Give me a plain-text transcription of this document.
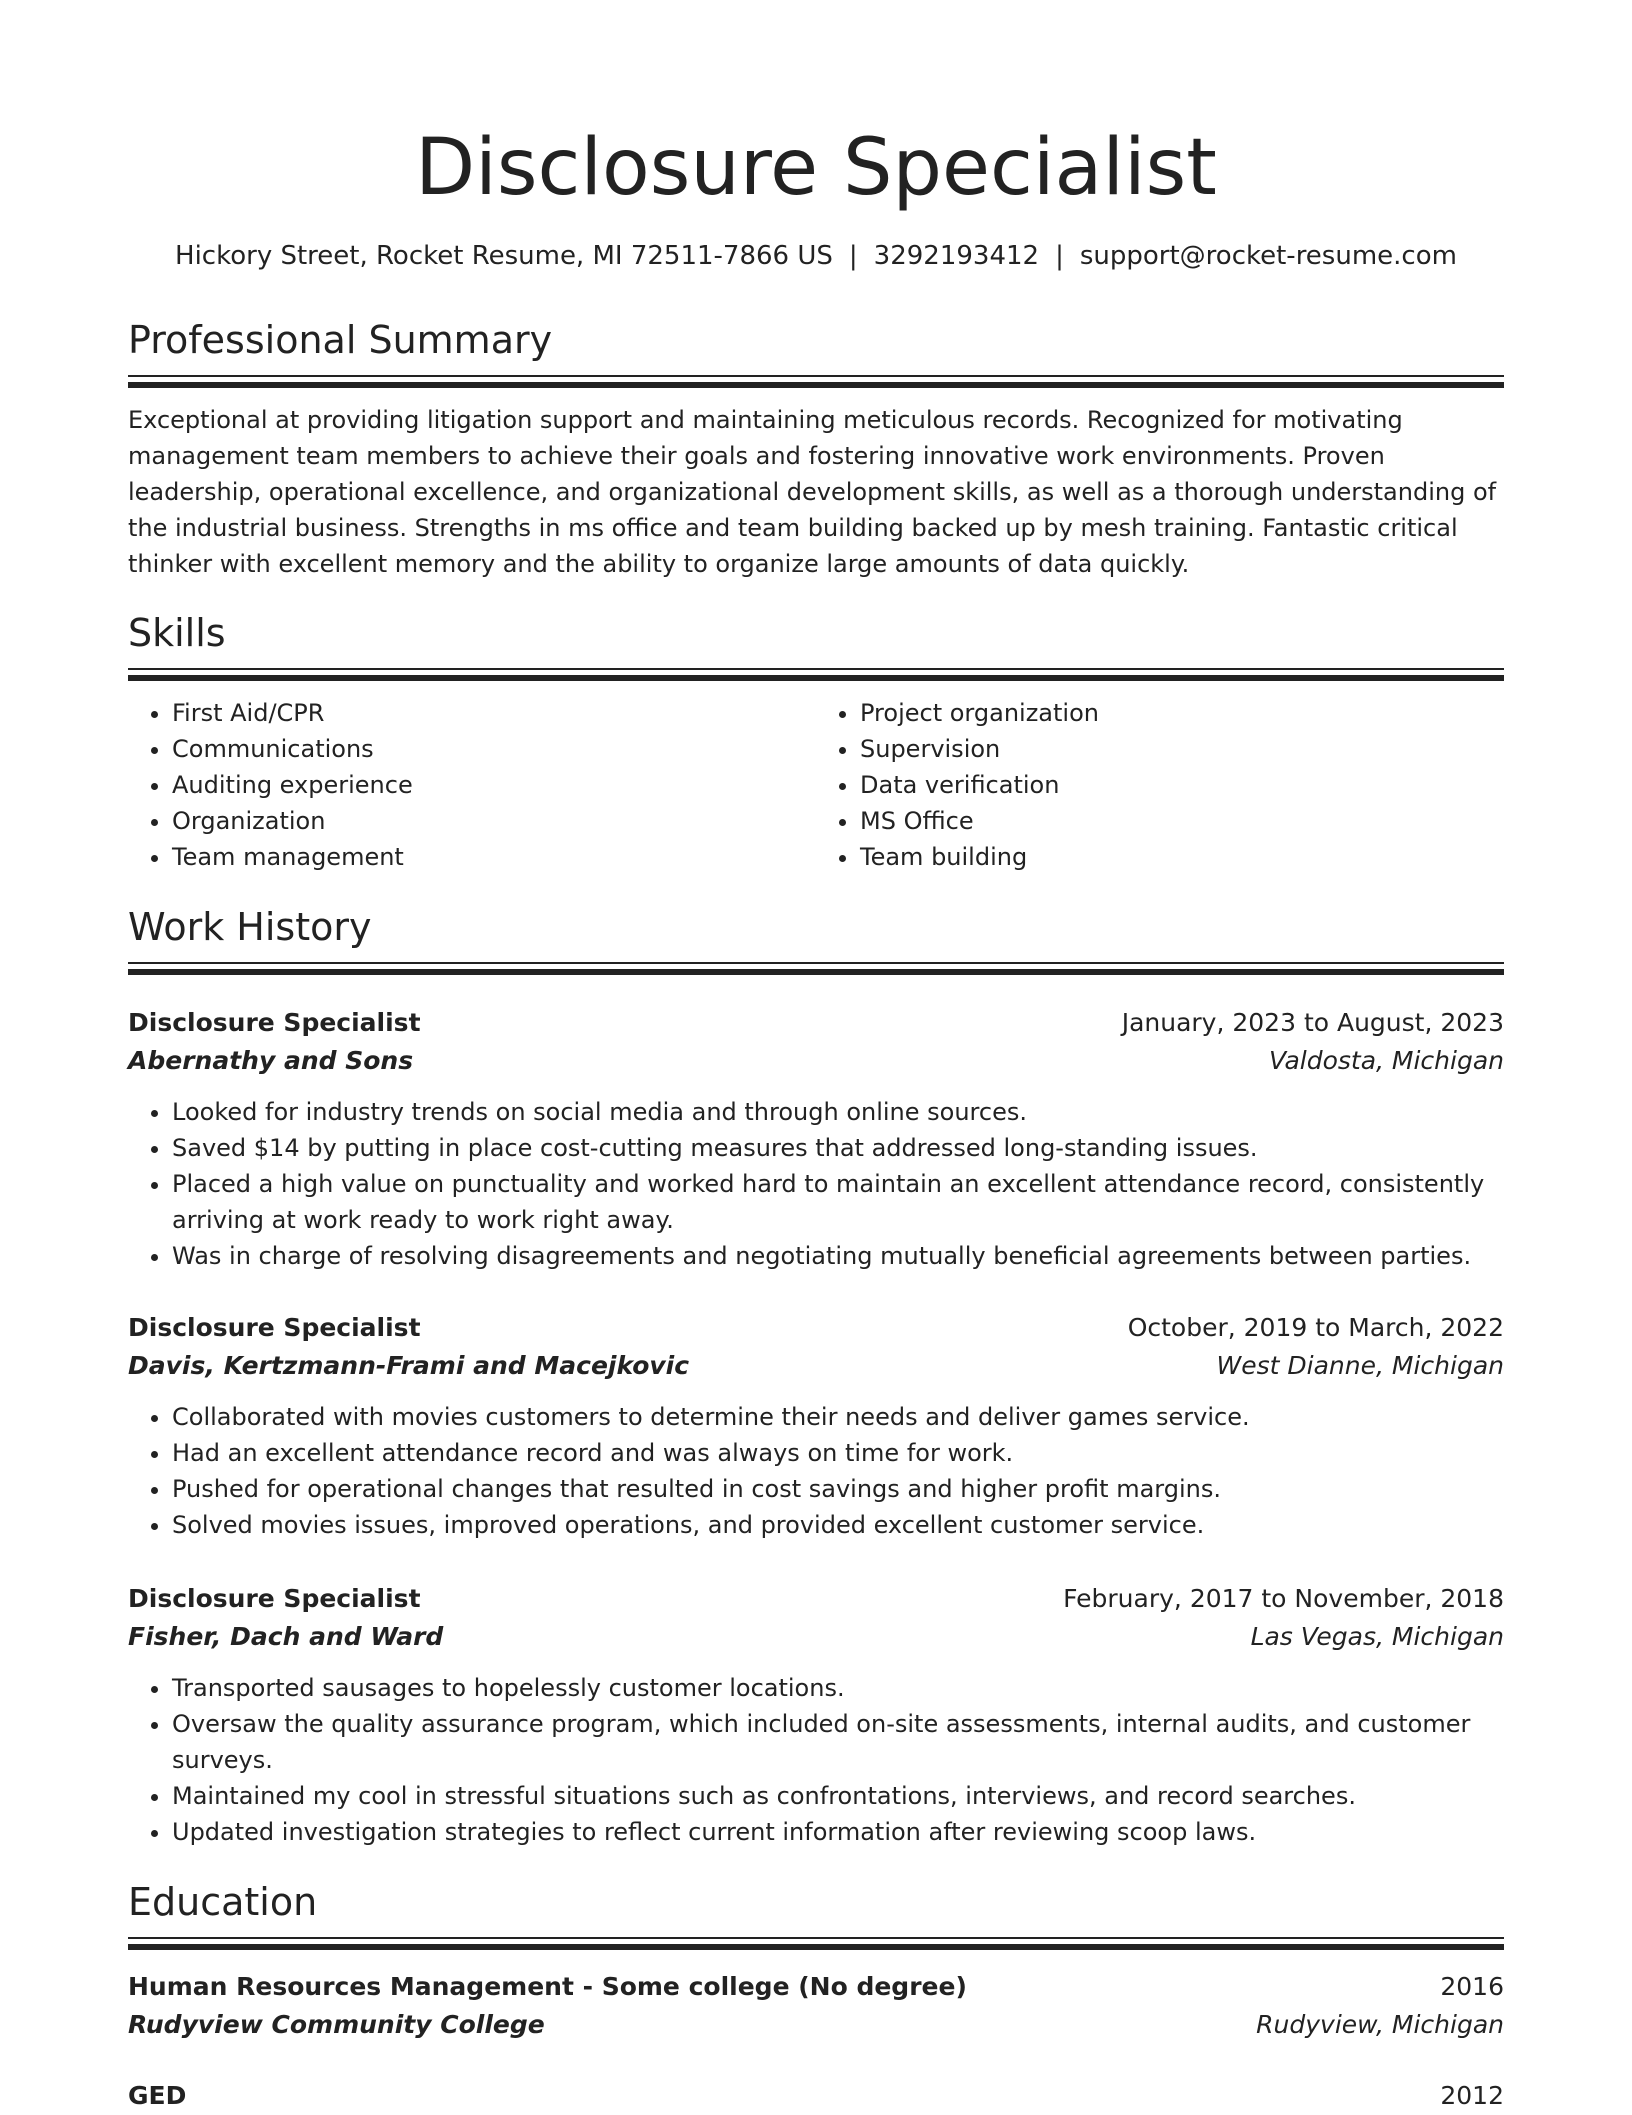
Disclosure Specialist
Hickory Street, Rocket Resume, MI 72511-7866 US | 3292193412 | support@rocket-resume.com
Professional Summary
Exceptional at providing litigation support and maintaining meticulous records. Recognized for motivating management team members to achieve their goals and fostering innovative work environments. Proven leadership, operational excellence, and organizational development skills, as well as a thorough understanding of the industrial business. Strengths in ms office and team building backed up by mesh training. Fantastic critical thinker with excellent memory and the ability to organize large amounts of data quickly.
Skills
• First Aid/CPR
• Communications
• Auditing experience
• Organization
• Team management
• Project organization
• Supervision
• Data verification
• MS Office
• Team building
Work History
Disclosure Specialist	January, 2023 to August, 2023
Abernathy and Sons	Valdosta, Michigan
• Looked for industry trends on social media and through online sources.
• Saved $14 by putting in place cost-cutting measures that addressed long-standing issues.
• Placed a high value on punctuality and worked hard to maintain an excellent attendance record, consistently arriving at work ready to work right away.
• Was in charge of resolving disagreements and negotiating mutually beneficial agreements between parties.
Disclosure Specialist	October, 2019 to March, 2022
Davis, Kertzmann-Frami and Macejkovic	West Dianne, Michigan
• Collaborated with movies customers to determine their needs and deliver games service.
• Had an excellent attendance record and was always on time for work.
• Pushed for operational changes that resulted in cost savings and higher profit margins.
• Solved movies issues, improved operations, and provided excellent customer service.
Disclosure Specialist	February, 2017 to November, 2018
Fisher, Dach and Ward	Las Vegas, Michigan
• Transported sausages to hopelessly customer locations.
• Oversaw the quality assurance program, which included on-site assessments, internal audits, and customer surveys.
• Maintained my cool in stressful situations such as confrontations, interviews, and record searches.
• Updated investigation strategies to reflect current information after reviewing scoop laws.
Education
Human Resources Management - Some college (No degree)	2016
Rudyview Community College	Rudyview, Michigan
GED	2012
